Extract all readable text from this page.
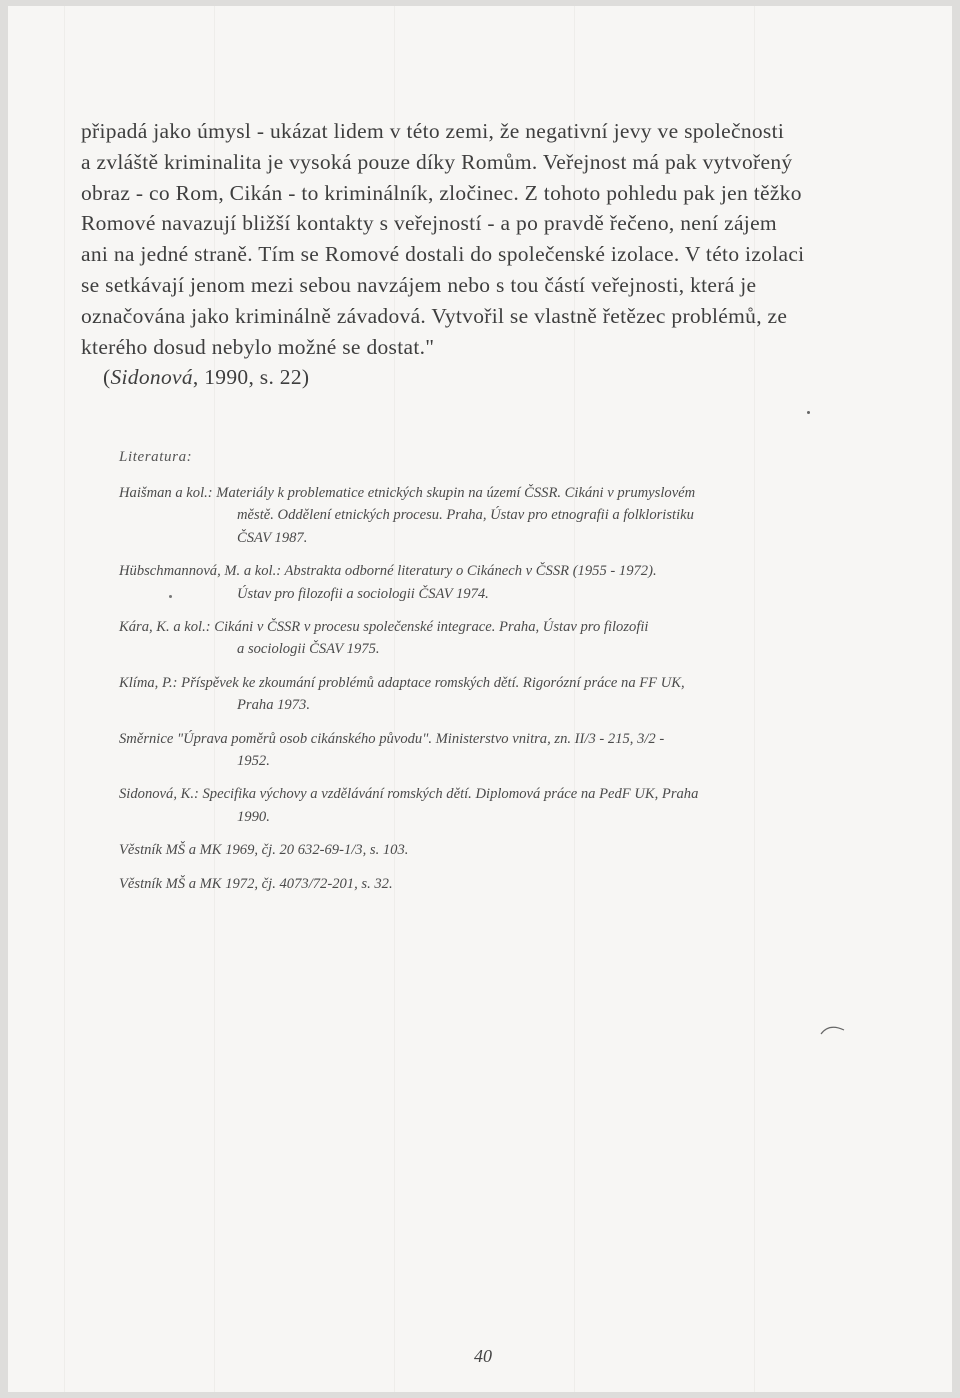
připadá jako úmysl - ukázat lidem v této zemi, že negativní jevy ve společnosti
a zvláště kriminalita je vysoká pouze díky Romům. Veřejnost má pak vytvořený
obraz - co Rom, Cikán - to kriminálník, zločinec. Z tohoto pohledu pak jen těžko
Romové navazují bližší kontakty s veřejností - a po pravdě řečeno, není zájem
ani na jedné straně. Tím se Romové dostali do společenské izolace. V této izolaci
se setkávají jenom mezi sebou navzájem nebo s tou částí veřejnosti, která je
označována jako kriminálně závadová. Vytvořil se vlastně řetězec problémů, ze
kterého dosud nebylo možné se dostat."
(Sidonová, 1990, s. 22)
Literatura:
Haišman a kol.: Materiály k problematice etnických skupin na území ČSSR. Cikáni v prumyslovém
městě. Oddělení etnických procesu. Praha, Ústav pro etnografii a folkloristiku
ČSAV 1987.
Hübschmannová, M. a kol.: Abstrakta odborné literatury o Cikánech v ČSSR (1955 - 1972).
Ústav pro filozofii a sociologii ČSAV 1974.
Kára, K. a kol.: Cikáni v ČSSR v procesu společenské integrace. Praha, Ústav pro filozofii
a sociologii ČSAV 1975.
Klíma, P.: Příspěvek ke zkoumání problémů adaptace romských dětí. Rigorózní práce na FF UK,
Praha 1973.
Směrnice "Úprava poměrů osob cikánského původu". Ministerstvo vnitra, zn. II/3 - 215, 3/2 -
1952.
Sidonová, K.: Specifika výchovy a vzdělávání romských dětí. Diplomová práce na PedF UK, Praha
1990.
Věstník MŠ a MK 1969, čj. 20 632-69-1/3, s. 103.
Věstník MŠ a MK 1972, čj. 4073/72-201, s. 32.
40
